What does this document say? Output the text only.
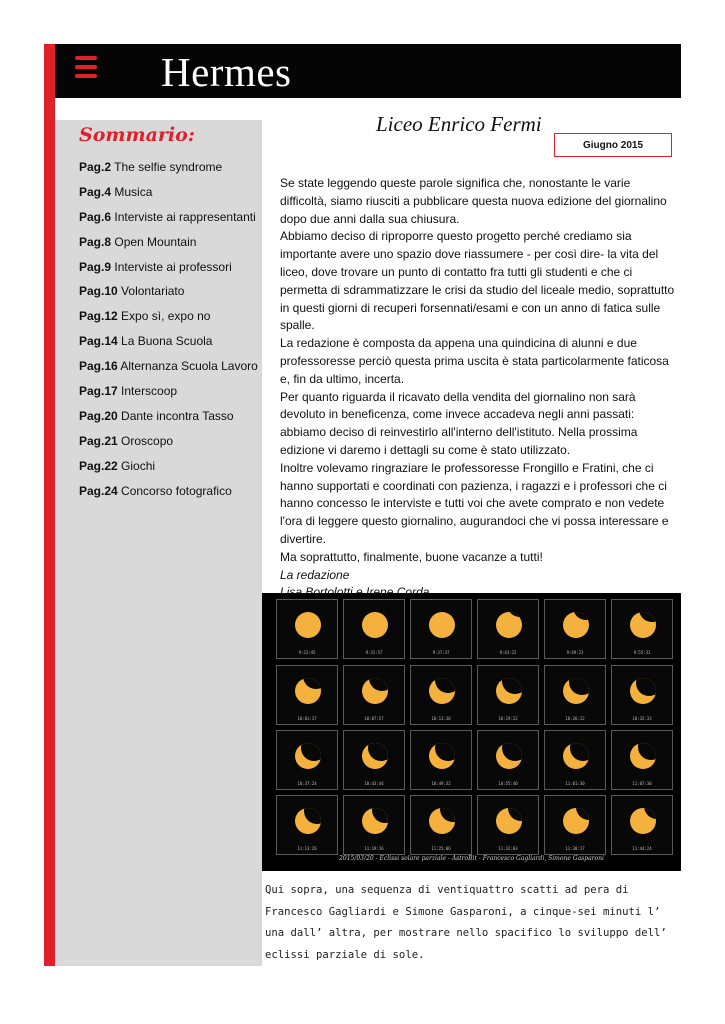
Hermes
Sommario:
Pag.2 The selfie syndrome
Pag.4 Musica
Pag.6 Interviste ai rappresentanti
Pag.8 Open Mountain
Pag.9 Interviste ai professori
Pag.10 Volontariato
Pag.12 Expo sì, expo no
Pag.14 La Buona Scuola
Pag.16 Alternanza Scuola Lavoro
Pag.17 Interscoop
Pag.20 Dante incontra Tasso
Pag.21 Oroscopo
Pag.22 Giochi
Pag.24 Concorso fotografico
Liceo Enrico Fermi
Giugno 2015

Se state leggendo queste parole significa che, nonostante le varie difficoltà, siamo riusciti a pubblicare questa nuova edizione del giornalino dopo due anni dalla sua chiusura.

Abbiamo deciso di riproporre questo progetto perché crediamo sia importante avere uno spazio dove riassumere - per così dire- la vita del liceo, dove trovare un punto di contatto fra tutti gli studenti e che ci permetta di sdrammatizzare le crisi da studio del liceale medio, soprattutto in questi giorni di recuperi forsennati/esami e con un anno di fatica sulle spalle.

La redazione è composta da appena una quindicina di alunni e due professoresse perciò questa prima uscita è stata particolarmente faticosa e, fin da ultimo, incerta.

Per quanto riguarda il ricavato della vendita del giornalino non sarà devoluto in beneficenza, come invece accadeva negli anni passati: abbiamo deciso di reinvestirlo all'interno dell'istituto. Nella prossima edizione vi daremo i dettagli su come è stato utilizzato.

Inoltre volevamo ringraziare le professoresse Frongillo e Fratini, che ci hanno supportati e coordinati con pazienza, i ragazzi e i professori che ci hanno concesso le interviste e tutti voi che avete comprato e non vedete l'ora di leggere questo giornalino, augurandoci che vi possa interessare e divertire.

Ma soprattutto, finalmente, buone vacanze a tutti!

La redazione

9:23:45	9:31:57	9:37:37	9:43:22	9:49:23	9:55:31
10:01:37	10:07:57	10:13:30	10:19:22	10:26:12	10:32:33
10:37:24	10:43:44	10:49:32	10:55:40	11:01:30	11:07:30
11:13:26	11:19:16	11:25:06	11:32:03	11:38:17	11:44:24
2015/03/20 - Eclissi solare parziale - AstroBit - Francesco Gagliardi, Simone Gasparoni
Qui sopra, una sequenza di ventiquattro scatti ad pera di Francesco Gagliardi e Simone Gasparoni, a cinque-sei minuti l’ una dall’ altra, per mostrare nello spacifico lo sviluppo dell’ eclissi parziale di sole.
